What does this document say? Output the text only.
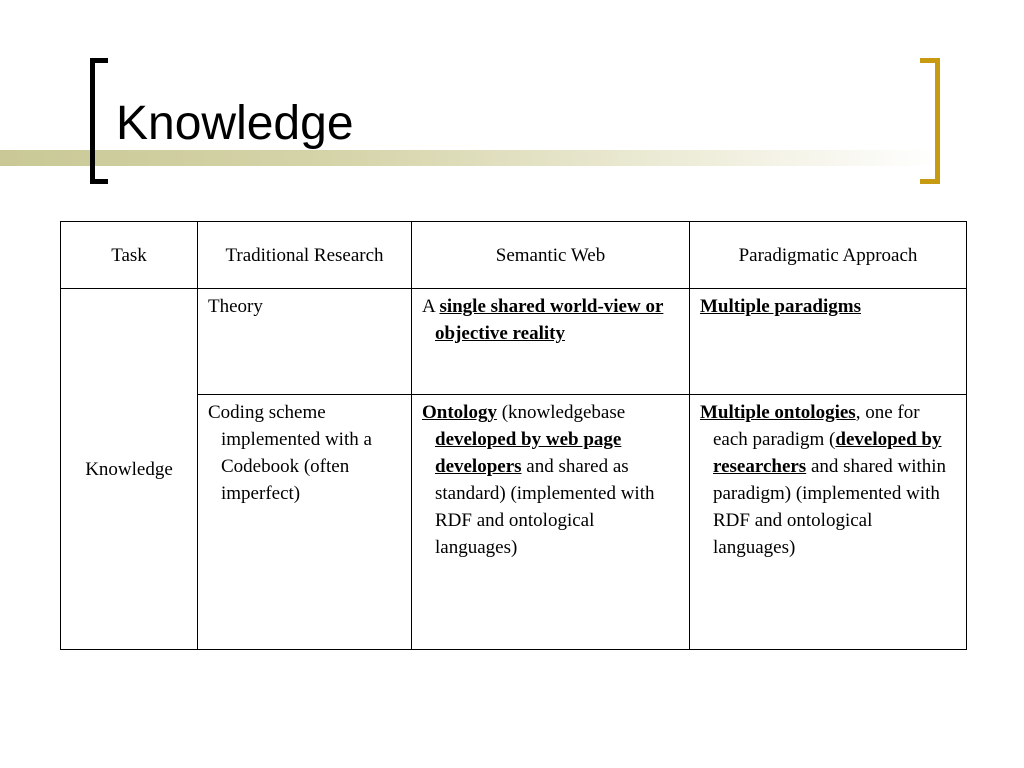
Knowledge
Task	Traditional Research	Semantic Web	Paradigmatic Approach
Knowledge	Theory	A single shared world-view or objective reality	Multiple paradigms

	Coding scheme implemented with a Codebook (often imperfect)	Ontology (knowledgebase developed by web page developers and shared as standard) (implemented with RDF and ontological languages)	Multiple ontologies, one for each paradigm (developed by researchers and shared within paradigm) (implemented with RDF and ontological languages)
